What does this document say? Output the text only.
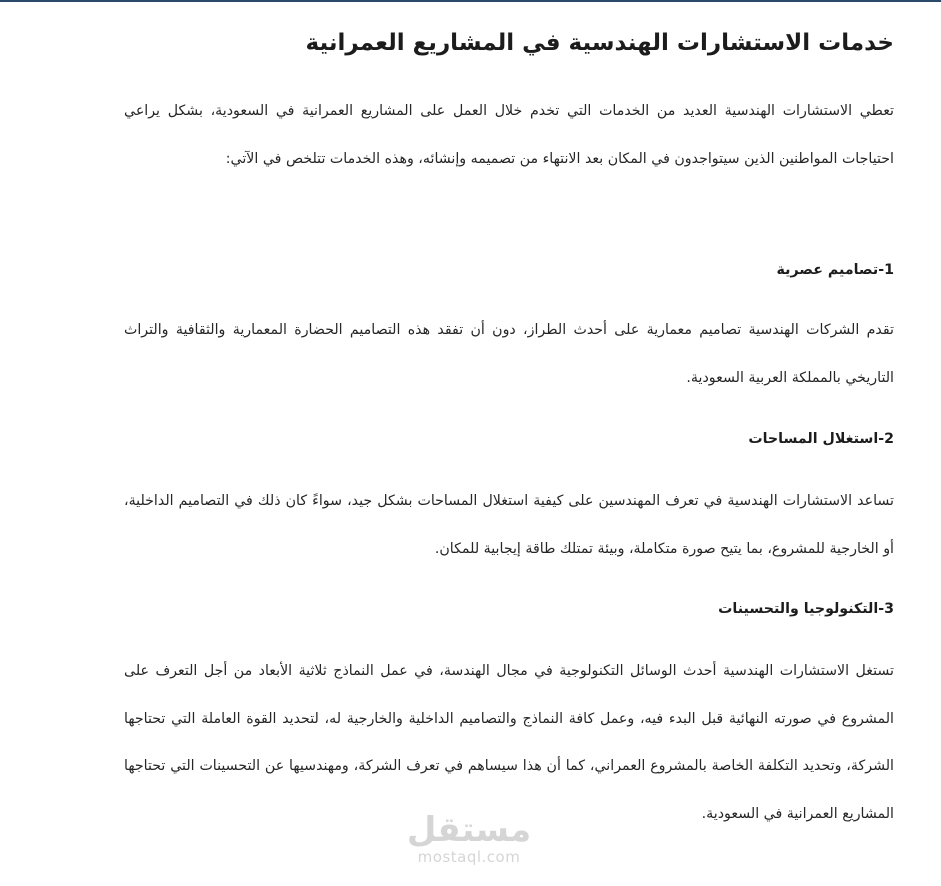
خدمات الاستشارات الهندسية في المشاريع العمرانية

تعطي الاستشارات الهندسية العديد من الخدمات التي تخدم خلال العمل على المشاريع العمرانية في السعودية، بشكل يراعي احتياجات المواطنين الذين سيتواجدون في المكان بعد الانتهاء من تصميمه وإنشائه، وهذه الخدمات تتلخص في الآتي:

1-تصاميم عصرية

تقدم الشركات الهندسية تصاميم معمارية على أحدث الطراز، دون أن تفقد هذه التصاميم الحضارة المعمارية والثقافية والتراث التاريخي بالمملكة العربية السعودية.

2-استغلال المساحات

تساعد الاستشارات الهندسية في تعرف المهندسين على كيفية استغلال المساحات بشكل جيد، سواءً كان ذلك في التصاميم الداخلية، أو الخارجية للمشروع، بما يتيح صورة متكاملة، وبيئة تمتلك طاقة إيجابية للمكان.

3-التكنولوجيا والتحسينات

تستغل الاستشارات الهندسية أحدث الوسائل التكنولوجية في مجال الهندسة، في عمل النماذج ثلاثية الأبعاد من أجل التعرف على المشروع في صورته النهائية قبل البدء فيه، وعمل كافة النماذج والتصاميم الداخلية والخارجية له، لتحديد القوة العاملة التي تحتاجها الشركة، وتحديد التكلفة الخاصة بالمشروع العمراني، كما أن هذا سيساهم في تعرف الشركة، ومهندسيها عن التحسينات التي تحتاجها المشاريع العمرانية في السعودية.

مستقل
mostaql.com
